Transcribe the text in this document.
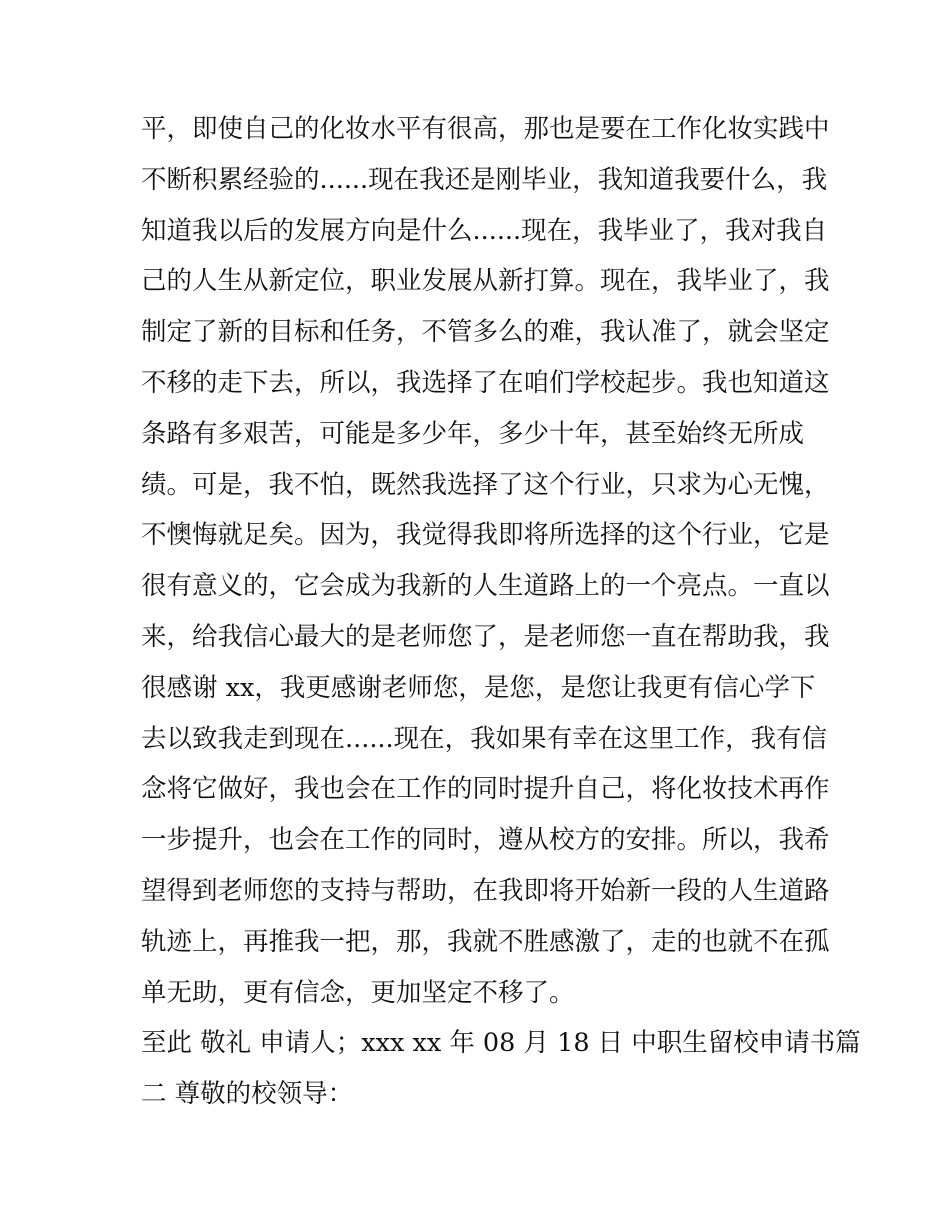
平，即使自己的化妆水平有很高，那也是要在工作化妆实践中
不断积累经验的......现在我还是刚毕业，我知道我要什么，我
知道我以后的发展方向是什么......现在，我毕业了，我对我自
己的人生从新定位，职业发展从新打算。现在，我毕业了，我
制定了新的目标和任务，不管多么的难，我认准了，就会坚定
不移的走下去，所以，我选择了在咱们学校起步。我也知道这
条路有多艰苦，可能是多少年，多少十年，甚至始终无所成
绩。可是，我不怕，既然我选择了这个行业，只求为心无愧，
不懊悔就足矣。因为，我觉得我即将所选择的这个行业，它是
很有意义的，它会成为我新的人生道路上的一个亮点。一直以
来，给我信心最大的是老师您了，是老师您一直在帮助我，我
很感谢 xx，我更感谢老师您，是您，是您让我更有信心学下
去以致我走到现在......现在，我如果有幸在这里工作，我有信
念将它做好，我也会在工作的同时提升自己，将化妆技术再作
一步提升，也会在工作的同时，遵从校方的安排。所以，我希
望得到老师您的支持与帮助，在我即将开始新一段的人生道路
轨迹上，再推我一把，那，我就不胜感激了，走的也就不在孤
单无助，更有信念，更加坚定不移了。
至此 敬礼 申请人；xxx xx 年 08 月 18 日 中职生留校申请书篇
二 尊敬的校领导：
